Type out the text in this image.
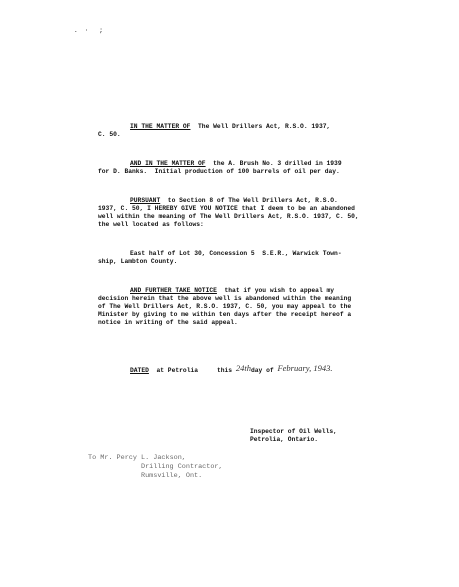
.  ·   ;
IN THE MATTER OF The Well Drillers Act, R.S.O. 1937,
C. 50.
AND IN THE MATTER OF the A. Brush No. 3 drilled in 1939
for D. Banks.  Initial production of 100 barrels of oil per day.
PURSUANT to Section 8 of The Well Drillers Act, R.S.O.
1937, C. 50, I HEREBY GIVE YOU NOTICE that I deem to be an abandoned
well within the meaning of The Well Drillers Act, R.S.O. 1937, C. 50,
the well located as follows:
East half of Lot 30, Concession 5  S.E.R., Warwick Town-
ship, Lambton County.
AND FURTHER TAKE NOTICE that if you wish to appeal my
decision herein that the above well is abandoned within the meaning
of The Well Drillers Act, R.S.O. 1937, C. 50, you may appeal to the
Minister by giving to me within ten days after the receipt hereof a
notice in writing of the said appeal.
DATED at Petrolia	this 24thday of February, 1943.
Inspector of Oil Wells,
Petrolia, Ontario.
To Mr. Percy L. Jackson,
Drilling Contractor,
Rumsville, Ont.
